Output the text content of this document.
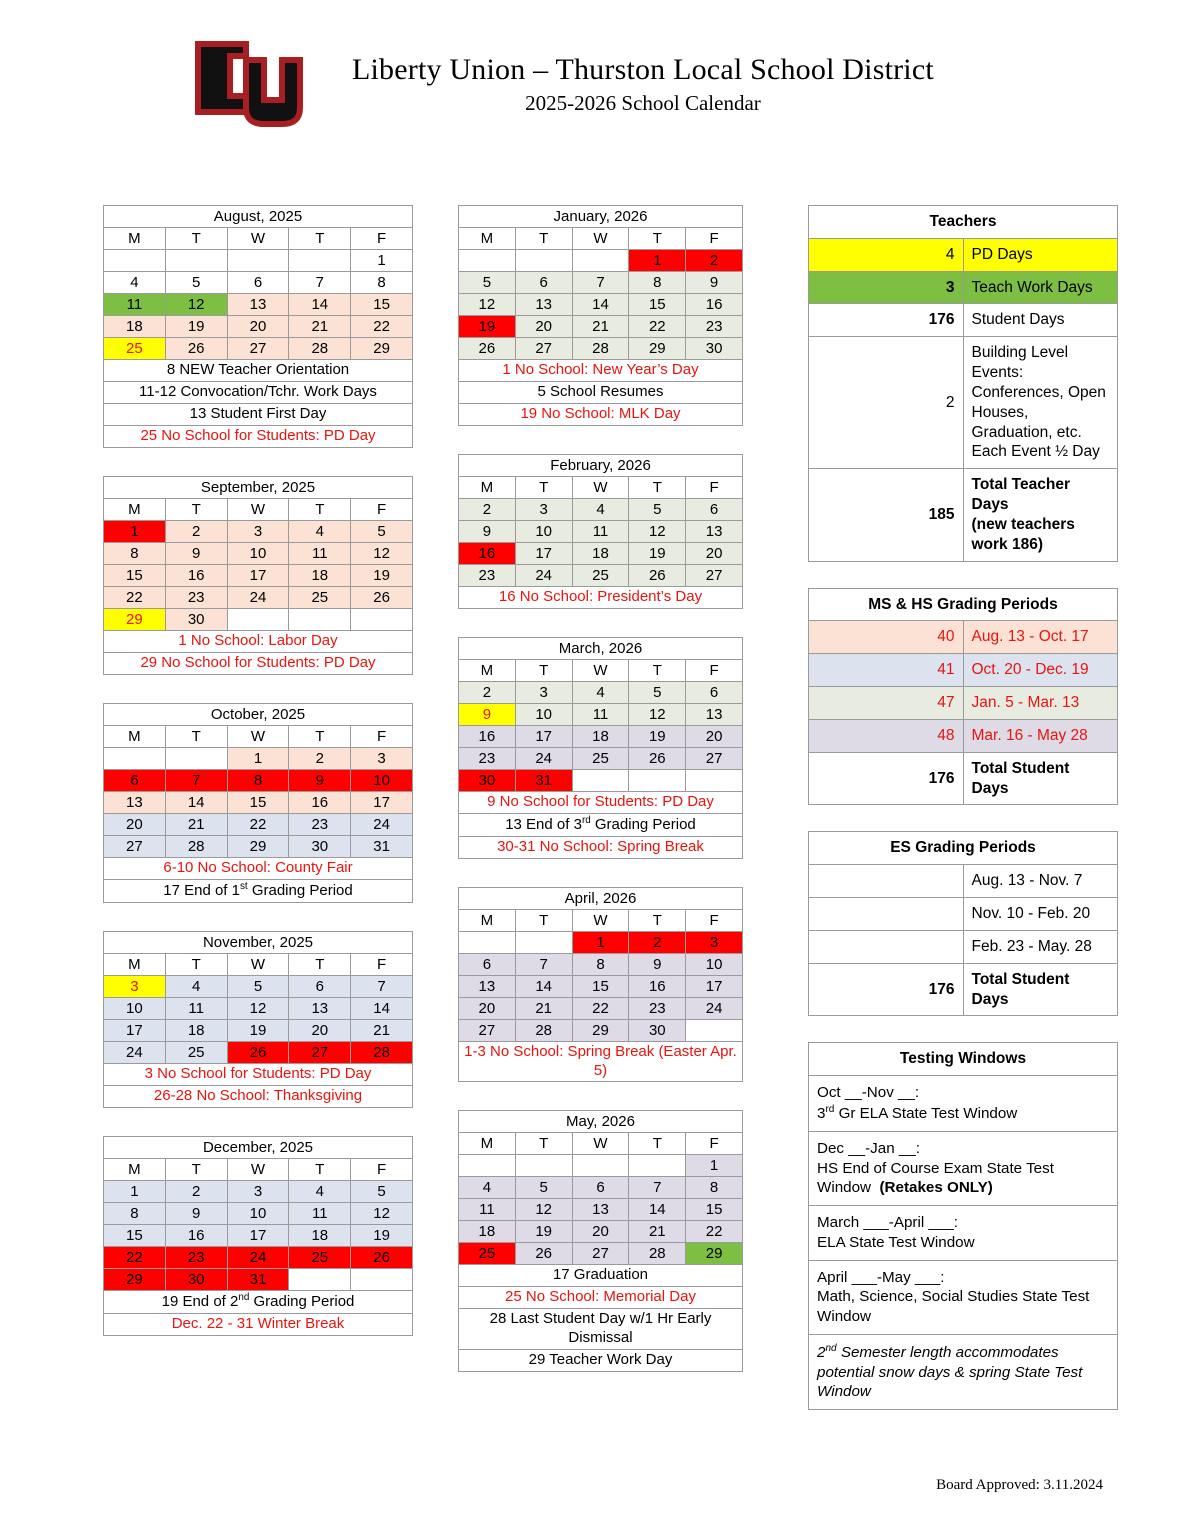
Liberty Union – Thurston Local School District
2025-2026 School Calendar
August, 2025				
M	T	W	T	F
				1
4	5	6	7	8
11	12	13	14	15
18	19	20	21	22
25	26	27	28	29
8 NEW Teacher Orientation				
11-12 Convocation/Tchr. Work Days				
13 Student First Day				
25 No School for Students: PD Day				
September, 2025				
M	T	W	T	F
1	2	3	4	5
8	9	10	11	12
15	16	17	18	19
22	23	24	25	26
29	30			
1 No School: Labor Day				
29 No School for Students: PD Day				
October, 2025				
M	T	W	T	F
		1	2	3
6	7	8	9	10
13	14	15	16	17
20	21	22	23	24
27	28	29	30	31
6-10 No School: County Fair				
17 End of 1st Grading Period				
November, 2025				
M	T	W	T	F
3	4	5	6	7
10	11	12	13	14
17	18	19	20	21
24	25	26	27	28
3 No School for Students: PD Day				
26-28 No School: Thanksgiving				
December, 2025				
M	T	W	T	F
1	2	3	4	5
8	9	10	11	12
15	16	17	18	19
22	23	24	25	26
29	30	31		
19 End of 2nd Grading Period				
Dec. 22 - 31 Winter Break				
January, 2026				
M	T	W	T	F
			1	2
5	6	7	8	9
12	13	14	15	16
19	20	21	22	23
26	27	28	29	30
1 No School: New Year’s Day				
5 School Resumes				
19 No School: MLK Day				
February, 2026				
M	T	W	T	F
2	3	4	5	6
9	10	11	12	13
16	17	18	19	20
23	24	25	26	27
16 No School: President’s Day				
March, 2026				
M	T	W	T	F
2	3	4	5	6
9	10	11	12	13
16	17	18	19	20
23	24	25	26	27
30	31			
9 No School for Students: PD Day				
13 End of 3rd Grading Period				
30-31 No School: Spring Break				
April, 2026				
M	T	W	T	F
		1	2	3
6	7	8	9	10
13	14	15	16	17
20	21	22	23	24
27	28	29	30	
1-3 No School: Spring Break (Easter Apr. 5)				
May, 2026				
M	T	W	T	F
				1
4	5	6	7	8
11	12	13	14	15
18	19	20	21	22
25	26	27	28	29
17 Graduation				
25 No School: Memorial Day				
28 Last Student Day w/1 Hr Early Dismissal				
29 Teacher Work Day				
Teachers	
4	PD Days
3	Teach Work Days
176	Student Days
2	Building Level Events:
Conferences, Open Houses,
Graduation, etc.
Each Event ½ Day
185	Total Teacher Days
(new teachers work 186)
MS & HS Grading Periods	
40	Aug. 13 - Oct. 17
41	Oct. 20 - Dec. 19
47	Jan. 5 - Mar. 13
48	Mar. 16 - May 28
176	Total Student Days
ES Grading Periods	
	Aug. 13 - Nov. 7
	Nov. 10 - Feb. 20
	Feb. 23 - May. 28
176	Total Student Days
Testing Windows
Oct __-Nov __:
3rd Gr ELA State Test Window
Dec __-Jan __:
HS End of Course Exam State Test Window  (Retakes ONLY)
March ___-April ___:
ELA State Test Window
April ___-May ___:
Math, Science, Social Studies State Test Window
2nd Semester length accommodates potential snow days & spring State Test Window
Board Approved: 3.11.2024
